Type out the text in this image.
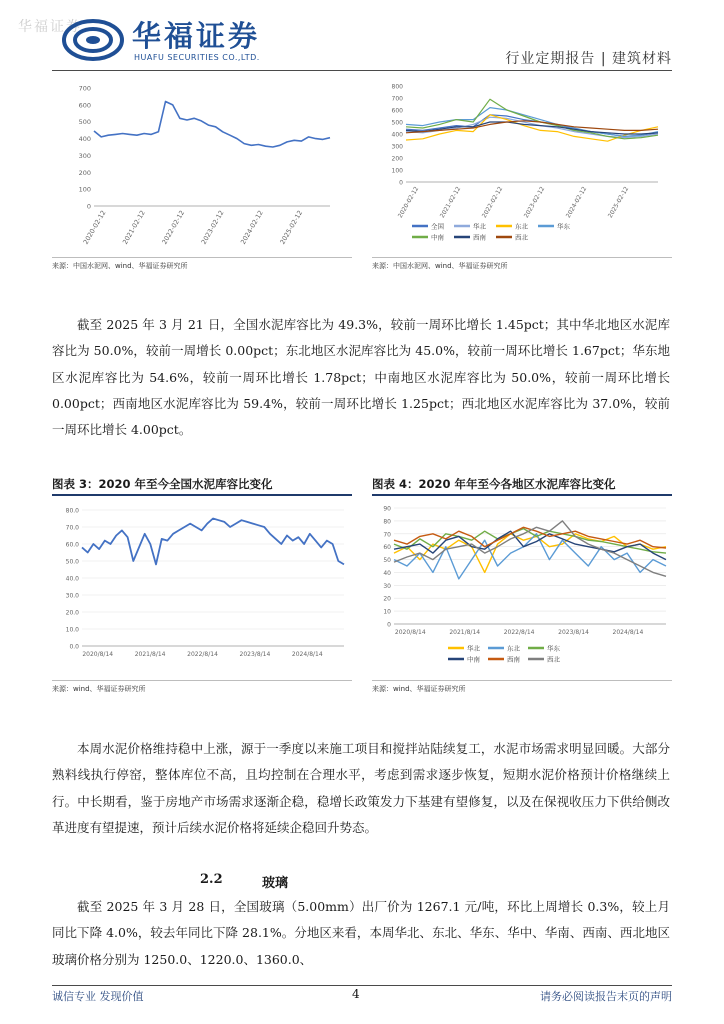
华福证券 华福证券
HUAFU SECURITIES CO.,LTD.	行业定期报告 | 建筑材料
0
100
200
300
400
500
600
700
2020-02-12 2021-02-12 2022-02-12 2023-02-12 2024-02-12 2025-02-12
0
100
200
300
400
500
600
700
800
2020-02-12	2021-02-12	2022-02-12	2023-02-12	2024-02-12	2025-02-12
全国	华北	东北	华东
中南	西南	西北
来源：中国水泥网、wind、华福证券研究所	来源：中国水泥网、wind、华福证券研究所

截至 2025 年 3 月 21 日，全国水泥库容比为 49.3%，较前一周环比增长 1.45pct；其中华北地区水泥库容比为 50.0%，较前一周增长 0.00pct；东北地区水泥库容比为 45.0%，较前一周环比增长 1.67pct；华东地区水泥库容比为 54.6%，较前一周环比增长 1.78pct；中南地区水泥库容比为 50.0%，较前一周环比增长 0.00pct；西南地区水泥库容比为 59.4%，较前一周环比增长 1.25pct；西北地区水泥库容比为 37.0%，较前一周环比增长 4.00pct。

图表 3：2020 年至今全国水泥库容比变化	图表 4：2020 年年至今各地区水泥库容比变化
0.0
10.0
20.0
30.0
40.0
50.0
60.0
70.0
80.0
2020/8/14	2021/8/14	2022/8/14	2023/8/14	2024/8/14
0
10
20
30
40
50
60
70
80
90
2020/8/14	2021/8/14	2022/8/14	2023/8/14	2024/8/14
华北	东北	华东
中南	西南	西北
来源：wind、华福证券研究所	来源：wind、华福证券研究所

本周水泥价格维持稳中上涨，源于一季度以来施工项目和搅拌站陆续复工，水泥市场需求明显回暖。大部分熟料线执行停窑，整体库位不高，且均控制在合理水平，考虑到需求逐步恢复，短期水泥价格预计价格继续上行。中长期看，鉴于房地产市场需求逐渐企稳，稳增长政策发力下基建有望修复，以及在保视收压力下供给侧改革进度有望提速，预计后续水泥价格将延续企稳回升势态。

2.2	玻璃

截至 2025 年 3 月 28 日，全国玻璃（5.00mm）出厂价为 1267.1 元/吨，环比上周增长 0.3%，较上月同比下降 4.0%，较去年同比下降 28.1%。分地区来看，本周华北、东北、华东、华中、华南、西南、西北地区玻璃价格分别为 1250.0、1220.0、1360.0、

诚信专业 发现价值	4	请务必阅读报告末页的声明
